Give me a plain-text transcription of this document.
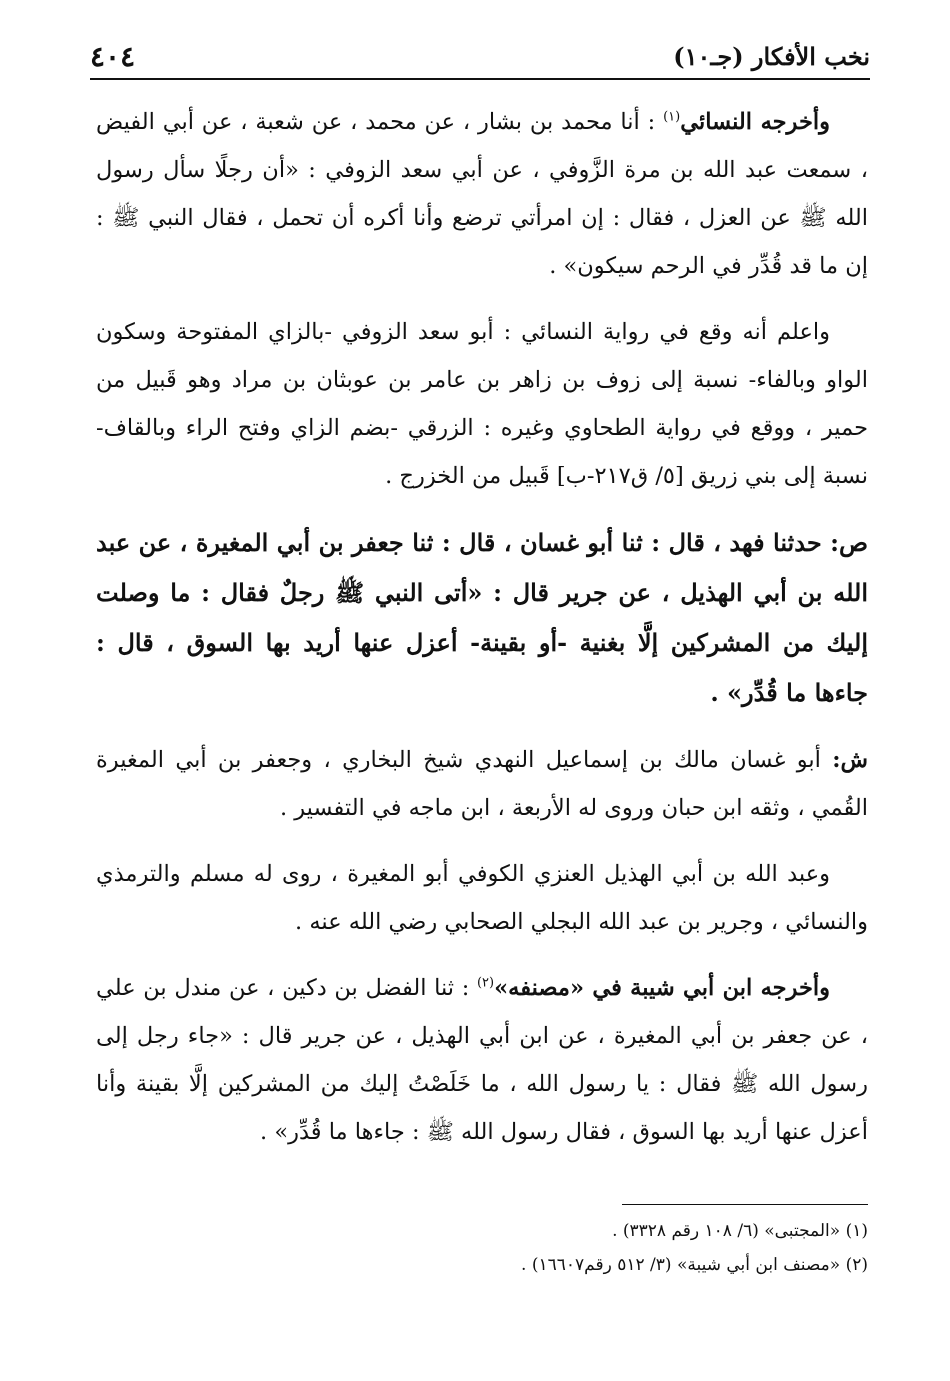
نخب الأفكار (جـ١٠)
٤٠٤

وأخرجه النسائي$^{(١)}$ : أنا محمد بن بشار ، عن محمد ، عن شعبة ، عن أبي الفيض ، سمعت عبد الله بن مرة الزَّوفي ، عن أبي سعد الزوفي : «أن رجلًا سأل رسول الله ﷺ عن العزل ، فقال : إن امرأتي ترضع وأنا أكره أن تحمل ، فقال النبي ﷺ : إن ما قد قُدِّر في الرحم سيكون» .

واعلم أنه وقع في رواية النسائي : أبو سعد الزوفي -بالزاي المفتوحة وسكون الواو وبالفاء- نسبة إلى زوف بن زاهر بن عامر بن عوبثان بن مراد وهو قَبيل من حمير ، ووقع في رواية الطحاوي وغيره : الزرقي -بضم الزاي وفتح الراء وبالقاف- نسبة إلى بني زريق [٥/ ق٢١٧-ب] قَبيل من الخزرج .

ص: حدثنا فهد ، قال : ثنا أبو غسان ، قال : ثنا جعفر بن أبي المغيرة ، عن عبد الله بن أبي الهذيل ، عن جرير قال : «أتى النبي ﷺ رجلٌ فقال : ما وصلت إليك من المشركين إلَّا بغنية -أو بقينة- أعزل عنها أريد بها السوق ، قال : جاءها ما قُدِّر» .

ش: أبو غسان مالك بن إسماعيل النهدي شيخ البخاري ، وجعفر بن أبي المغيرة القُمي ، وثقه ابن حبان وروى له الأربعة ، ابن ماجه في التفسير .

وعبد الله بن أبي الهذيل العنزي الكوفي أبو المغيرة ، روى له مسلم والترمذي والنسائي ، وجرير بن عبد الله البجلي الصحابي رضي الله عنه .

وأخرجه ابن أبي شيبة في «مصنفه»$^{(٢)}$ : ثنا الفضل بن دكين ، عن مندل بن علي ، عن جعفر بن أبي المغيرة ، عن ابن أبي الهذيل ، عن جرير قال : «جاء رجل إلى رسول الله ﷺ فقال : يا رسول الله ، ما خَلَصْتُ إليك من المشركين إلَّا بقينة وأنا أعزل عنها أريد بها السوق ، فقال رسول الله ﷺ : جاءها ما قُدِّر» .

(١) «المجتبى» (٦/ ١٠٨ رقم ٣٣٢٨) .

(٢) «مصنف ابن أبي شيبة» (٣/ ٥١٢ رقم١٦٦٠٧) .
